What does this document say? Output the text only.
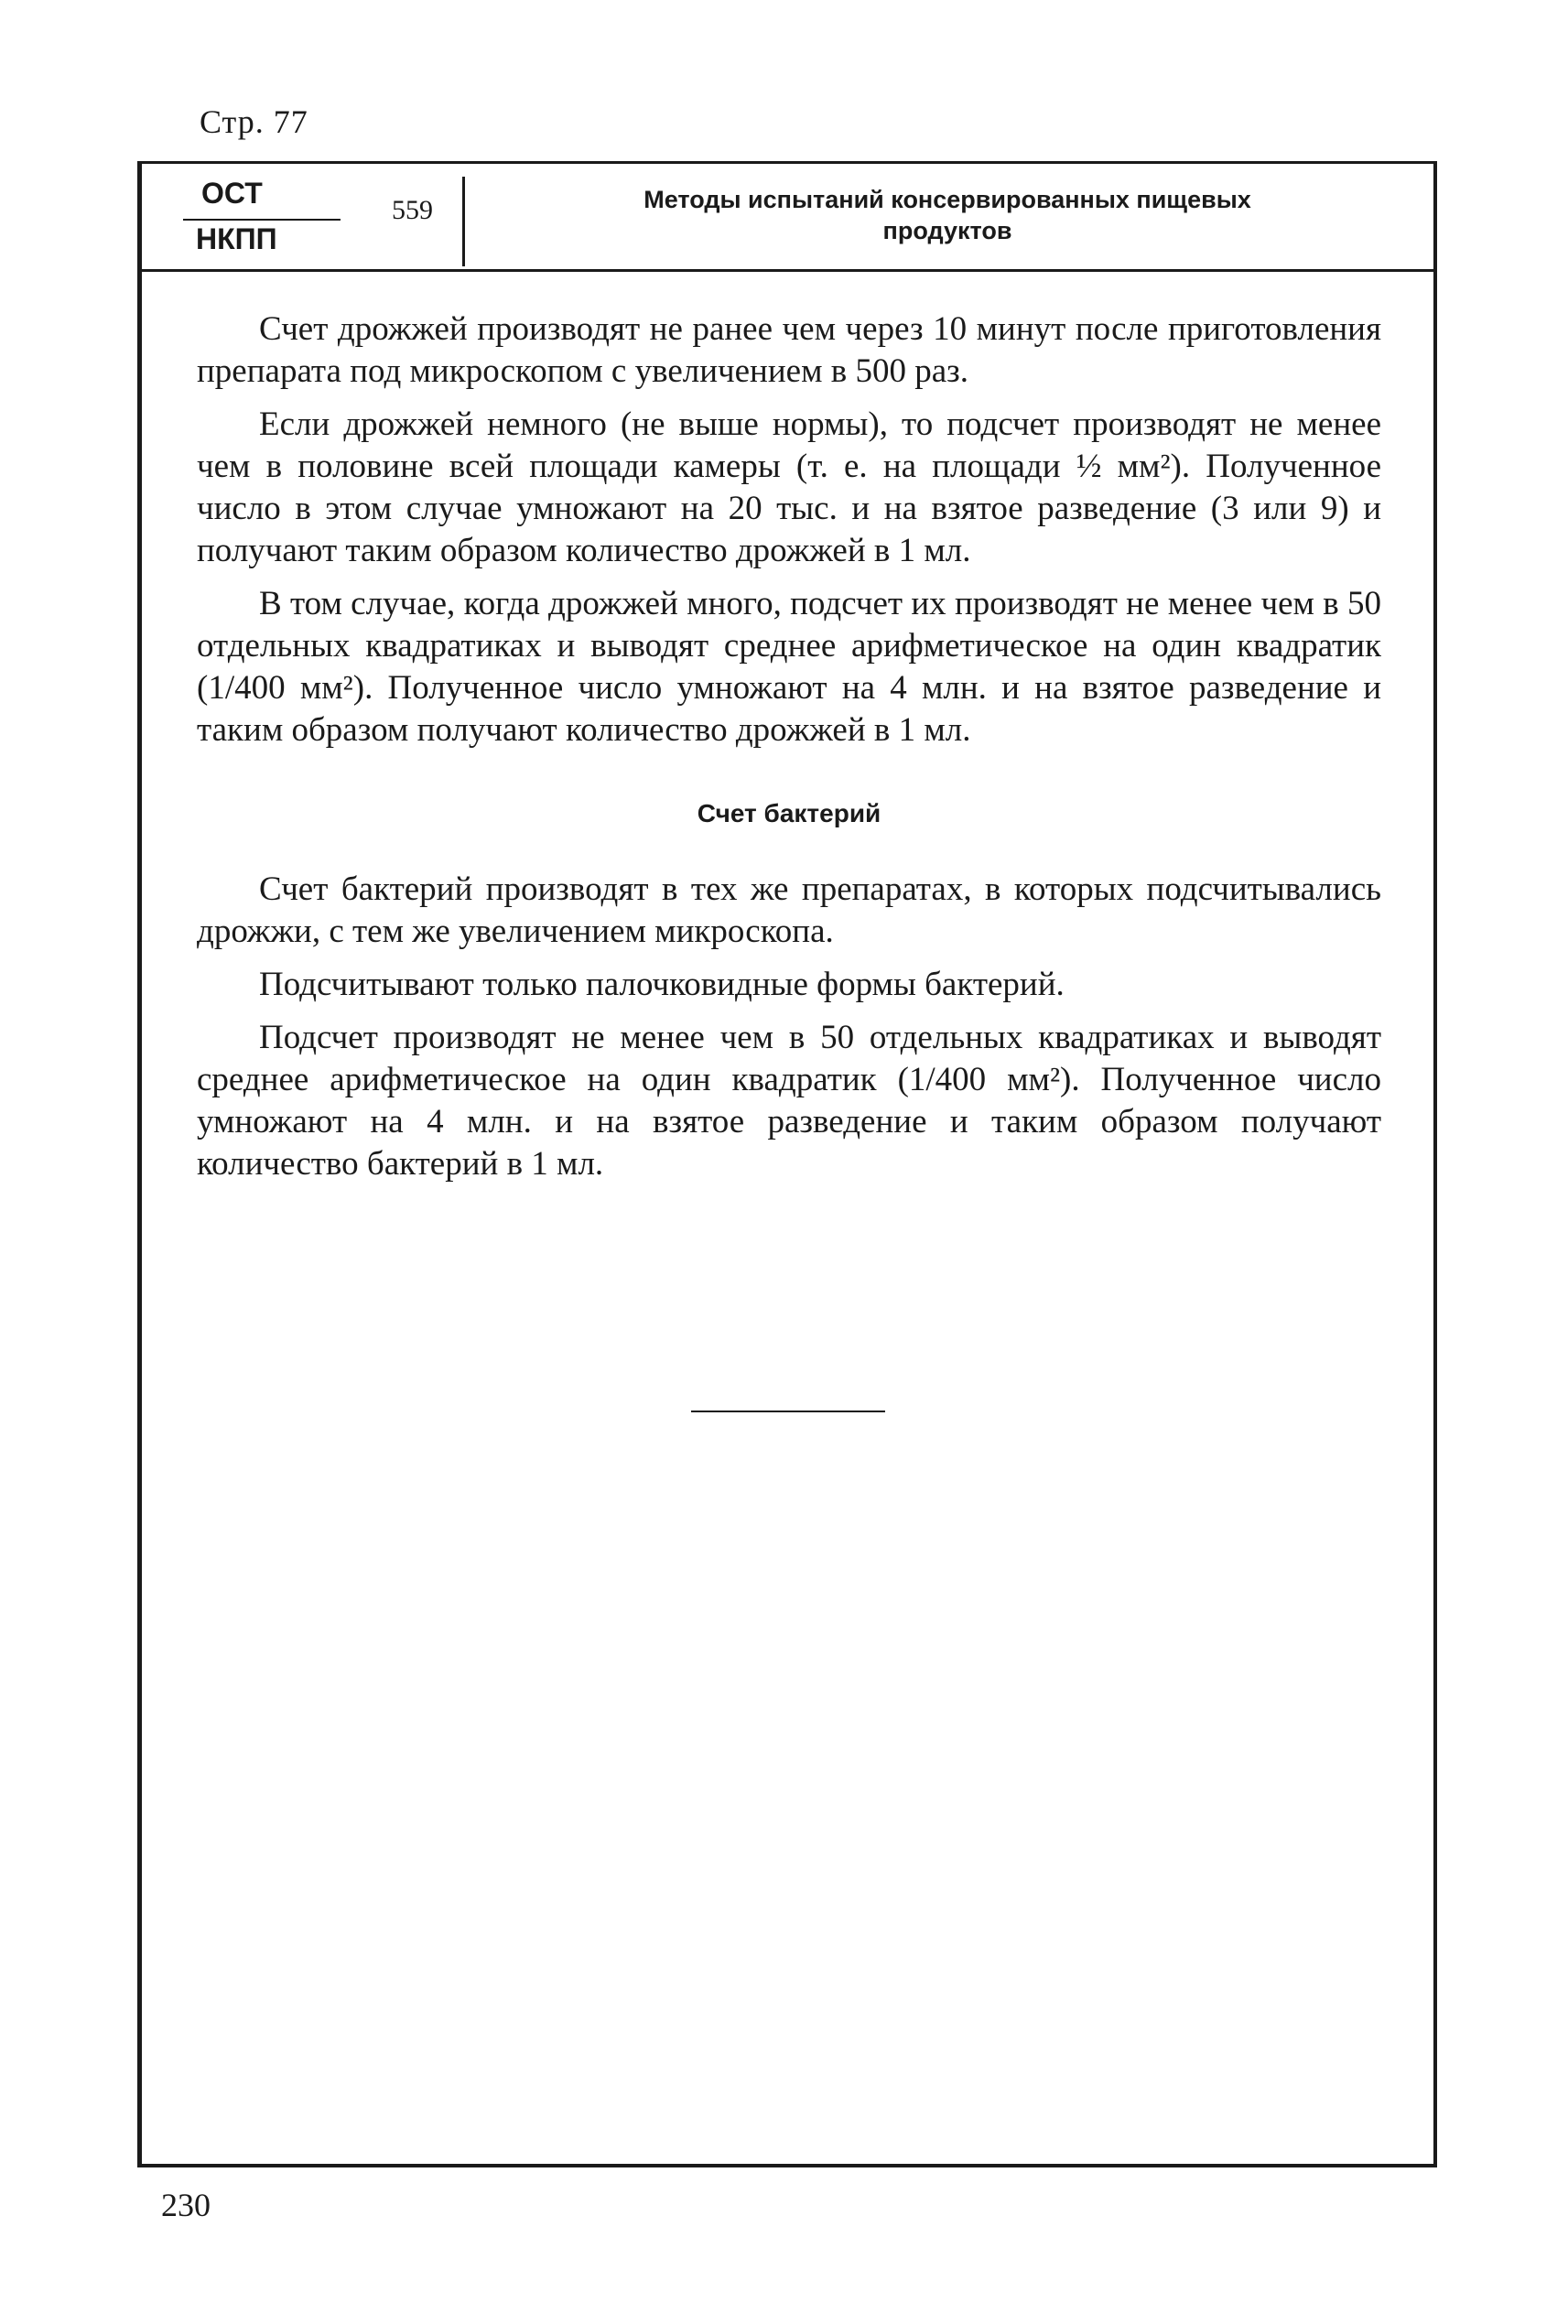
Стр. 77
ОСТ
НКПП
559	Методы испытаний консервированных пищевых
продуктов

Счет дрожжей производят не ранее чем через 10 минут после приготовления препарата под микроскопом с увеличением в 500 раз.

Если дрожжей немного (не выше нормы), то подсчет производят не менее чем в половине всей площади камеры (т. е. на площади ½ мм²). Полученное число в этом случае умножают на 20 тыс. и на взятое разведение (3 или 9) и получают таким образом количество дрожжей в 1 мл.

В том случае, когда дрожжей много, подсчет их производят не менее чем в 50 отдельных квадратиках и выводят среднее арифметическое на один квадратик (1/400 мм²). Полученное число умножают на 4 млн. и на взятое разведение и таким образом получают количество дрожжей в 1 мл.

Счет бактерий

Счет бактерий производят в тех же препаратах, в которых подсчитывались дрожжи, с тем же увеличением микроскопа.

Подсчитывают только палочковидные формы бактерий.

Подсчет производят не менее чем в 50 отдельных квадратиках и выводят среднее арифметическое на один квадратик (1/400 мм²). Полученное число умножают на 4 млн. и на взятое разведение и таким образом получают количество бактерий в 1 мл.

230
